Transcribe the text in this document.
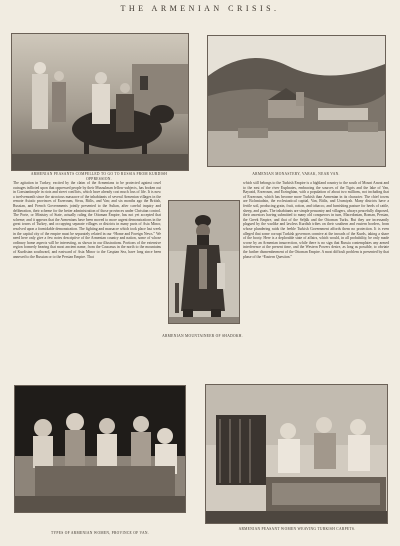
THE ARMENIAN CRISIS.
ARMENIAN PEASANTS COMPELLED TO GO TO RUSSIA FROM KURDISH OPPRESSION.
ARMENIAN MONASTERY, VARAK, NEAR VAN.
The agitation in Turkey, excited by the claim of the Armenians to be protected against cruel outrages inflicted upon that oppressed people by their Mussulman fellow-subjects, has broken out in Constantinople in riots and street conflicts, which have already cost much loss of life. It is now a twelvemonth since the atrocious massacre of the inhabitants of several Armenian villages in the remote Asiatic provinces of Erzeroum, Sivas, Bitlis, and Van; and six months ago the British, Russian, and French Governments jointly presented to the Sultan, after careful inquiry and deliberation, their scheme for the better administration of those provinces under Christian control. The Porte, or Ministry of State, actually ruling the Ottoman Empire, has not yet accepted that scheme; and it appears that the Armenians have been moved to more urgent demonstrations in the great towns of Turkey, and occupying separate villages or districts in many parts of Asia Minor, resolved upon a formidable demonstration. The fighting and massacre which took place last week in the capital city of the empire must be separately related in our “Home and Foreign News.” We need here only give a few notes descriptive of the Armenian country and nation, some of whose ordinary home aspects will be interesting, as shown in our illustrations. Portions of the extensive region formerly bearing that most ancient name, from the Caucasus in the north to the mountains of Kurdistan southward, and eastward of Asia Minor to the Caspian Sea, have long since been annexed to the Russian or to the Persian Empire. That
ARMENIAN MOUNTAINEER OF SHADOKH.
which still belongs to the Turkish Empire is a highland country to the south of Mount Ararat and to the east of the river Euphrates, embracing the sources of the Tigris and the lake of Van, Bayazid, Erzeroum, and Erzinghian, with a population of about two millions, not including that of Erzeroum, which has become more Turkish than Armenian in its character. The chief towns are Etchmiadzin, the ecclesiastical capital, Van, Bitlis, and Urumiyah. Many districts have a fertile soil, producing grain, fruit, cotton, and tobacco, and furnishing pasture for herds of cattle, sheep, and goats. The inhabitants are simple peasantry and villagers, always peacefully disposed, their ancestors having submitted to many old conquerors in turn, Macedonian, Roman, Persian, the Greek Empire, and that of the Seljûk and the Ottoman Turks. But they are incessantly plagued by the warlike and lawless Kurdish tribes on their southern and eastern borders, from whose plundering raids the feeble Turkish Government affords them no protection. It is even alleged that some corrupt Turkish governors connive at the inroads of the Kurds, taking a share of the booty. Here is a deplorable state of affairs, which would, in all probability, be only made worse by an Armenian insurrection, while there is no sign that Russia contemplates any armed interference at the present time, and the Western Powers desire, as long as possible, to obviate the further dismemberment of the Ottoman Empire. A most difficult problem is presented by that phase of the “Eastern Question.”
TYPES OF ARMENIAN WOMEN, PROVINCE OF VAN.
ARMENIAN PEASANT WOMEN WEAVING TURKISH CARPETS.
